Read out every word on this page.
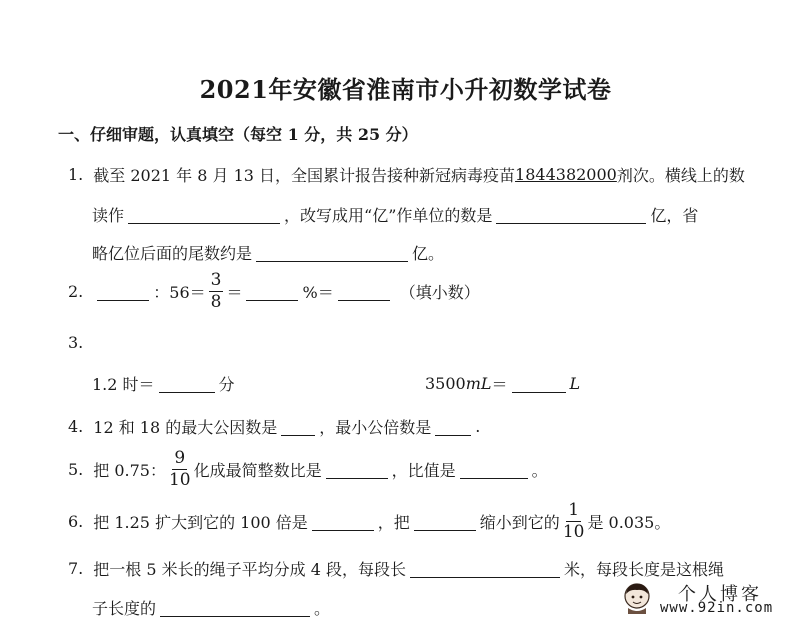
2021年安徽省淮南市小升初数学试卷
一、仔细审题，认真填空（每空 1 分，共 25 分）
1. 截至 2021 年 8 月 13 日，全国累计报告接种新冠病毒疫苗 1844382000 剂次。横线上的数
读作	，改写成用“亿”作单位的数是	亿，省
略亿位后面的尾数约是	亿。
2.	：$56= \frac{3}{8}$ ＝	%＝	（填小数）
3.
1.2 时＝	分	3500 mL ＝	L
4. 12 和 18 的最大公因数是	，最小公倍数是	.
5. 把 0.75： $\frac{9}{10}$ 化成最简整数比是	，比值是	。
6. 把 1.25 扩大到它的 100 倍是	，把	缩小到它的 $\frac{1}{10}$ 是 0.035。
7. 把一根 5 米长的绳子平均分成 4 段，每段长	米，每段长度是这根绳
子长度的	。
个人博客
www.92in.com
